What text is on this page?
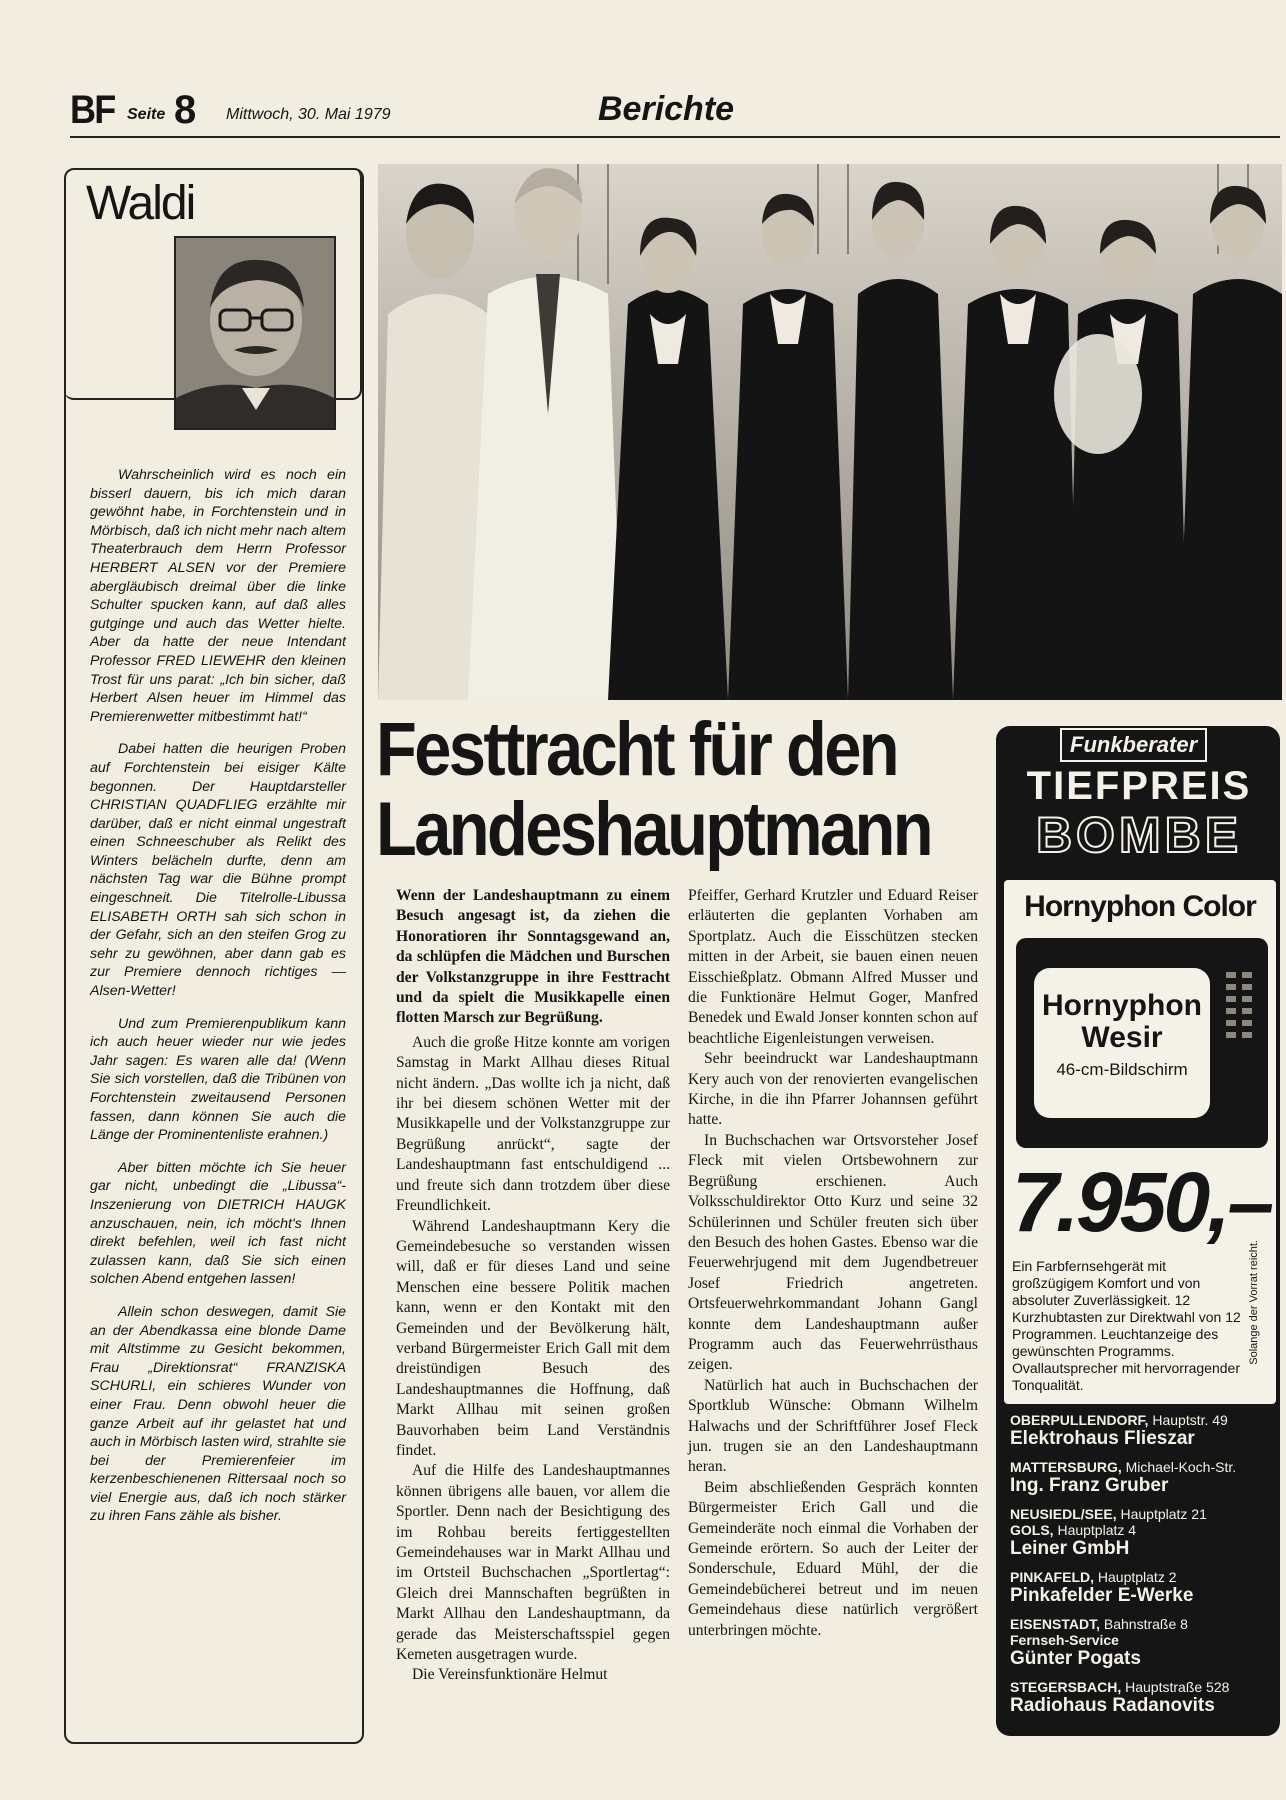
BF Seite 8 Mittwoch, 30. Mai 1979	Berichte
Waldi

Wahrscheinlich wird es noch ein bisserl dauern, bis ich mich daran gewöhnt habe, in Forchtenstein und in Mörbisch, daß ich nicht mehr nach altem Theaterbrauch dem Herrn Professor HERBERT ALSEN vor der Premiere abergläubisch dreimal über die linke Schulter spucken kann, auf daß alles gutginge und auch das Wetter hielte. Aber da hatte der neue Intendant Professor FRED LIEWEHR den kleinen Trost für uns parat: „Ich bin sicher, daß Herbert Alsen heuer im Himmel das Premierenwetter mitbestimmt hat!“

Dabei hatten die heurigen Proben auf Forchtenstein bei eisiger Kälte begonnen. Der Hauptdarsteller CHRISTIAN QUADFLIEG erzählte mir darüber, daß er nicht einmal ungestraft einen Schneeschuber als Relikt des Winters belächeln durfte, denn am nächsten Tag war die Bühne prompt eingeschneit. Die Titelrolle-Libussa ELISABETH ORTH sah sich schon in der Gefahr, sich an den steifen Grog zu sehr zu gewöhnen, aber dann gab es zur Premiere dennoch richtiges — Alsen-Wetter!

Und zum Premierenpublikum kann ich auch heuer wieder nur wie jedes Jahr sagen: Es waren alle da! (Wenn Sie sich vorstellen, daß die Tribünen von Forchtenstein zweitausend Personen fassen, dann können Sie auch die Länge der Prominentenliste erahnen.)

Aber bitten möchte ich Sie heuer gar nicht, unbedingt die „Libussa“-Inszenierung von DIETRICH HAUGK anzuschauen, nein, ich möcht's Ihnen direkt befehlen, weil ich fast nicht zulassen kann, daß Sie sich einen solchen Abend entgehen lassen!

Allein schon deswegen, damit Sie an der Abendkassa eine blonde Dame mit Altstimme zu Gesicht bekommen, Frau „Direktionsrat“ FRANZISKA SCHURLI, ein schieres Wunder von einer Frau. Denn obwohl heuer die ganze Arbeit auf ihr gelastet hat und auch in Mörbisch lasten wird, strahlte sie bei der Premierenfeier im kerzenbeschienenen Rittersaal noch so viel Energie aus, daß ich noch stärker zu ihren Fans zähle als bisher.

Festtracht für den
Landeshauptmann

Wenn der Landeshauptmann zu einem Besuch angesagt ist, da ziehen die Honoratioren ihr Sonntagsgewand an, da schlüpfen die Mädchen und Burschen der Volkstanzgruppe in ihre Festtracht und da spielt die Musikkapelle einen flotten Marsch zur Begrüßung.

Auch die große Hitze konnte am vorigen Samstag in Markt Allhau dieses Ritual nicht ändern. „Das wollte ich ja nicht, daß ihr bei diesem schönen Wetter mit der Musikkapelle und der Volkstanzgruppe zur Begrüßung anrückt“, sagte der Landeshauptmann fast entschuldigend ... und freute sich dann trotzdem über diese Freundlichkeit.

Während Landeshauptmann Kery die Gemeindebesuche so verstanden wissen will, daß er für dieses Land und seine Menschen eine bessere Politik machen kann, wenn er den Kontakt mit den Gemeinden und der Bevölkerung hält, verband Bürgermeister Erich Gall mit dem dreistündigen Besuch des Landeshauptmannes die Hoffnung, daß Markt Allhau mit seinen großen Bauvorhaben beim Land Verständnis findet.

Auf die Hilfe des Landeshauptmannes können übrigens alle bauen, vor allem die Sportler. Denn nach der Besichtigung des im Rohbau bereits fertiggestellten Gemeindehauses war in Markt Allhau und im Ortsteil Buchschachen „Sportlertag“: Gleich drei Mannschaften begrüßten in Markt Allhau den Landeshauptmann, da gerade das Meisterschaftsspiel gegen Kemeten ausgetragen wurde.

Die Vereinsfunktionäre Helmut

Pfeiffer, Gerhard Krutzler und Eduard Reiser erläuterten die geplanten Vorhaben am Sportplatz. Auch die Eisschützen stecken mitten in der Arbeit, sie bauen einen neuen Eisschießplatz. Obmann Alfred Musser und die Funktionäre Helmut Goger, Manfred Benedek und Ewald Jonser konnten schon auf beachtliche Eigenleistungen verweisen.

Sehr beeindruckt war Landeshauptmann Kery auch von der renovierten evangelischen Kirche, in die ihn Pfarrer Johannsen geführt hatte.

In Buchschachen war Ortsvorsteher Josef Fleck mit vielen Ortsbewohnern zur Begrüßung erschienen. Auch Volksschuldirektor Otto Kurz und seine 32 Schülerinnen und Schüler freuten sich über den Besuch des hohen Gastes. Ebenso war die Feuerwehrjugend mit dem Jugendbetreuer Josef Friedrich angetreten. Ortsfeuerwehrkommandant Johann Gangl konnte dem Landeshauptmann außer Programm auch das Feuerwehrrüsthaus zeigen.

Natürlich hat auch in Buchschachen der Sportklub Wünsche: Obmann Wilhelm Halwachs und der Schriftführer Josef Fleck jun. trugen sie an den Landeshauptmann heran.

Beim abschließenden Gespräch konnten Bürgermeister Erich Gall und die Gemeinderäte noch einmal die Vorhaben der Gemeinde erörtern. So auch der Leiter der Sonderschule, Eduard Mühl, der die Gemeindebücherei betreut und im neuen Gemeindehaus diese natürlich vergrößert unterbringen möchte.

Funkberater
TIEFPREIS
BOMBE
Hornyphon Color
Hornyphon Wesir
46-cm-Bildschirm
7.950,–
Ein Farbfernsehgerät mit großzügigem Komfort und von absoluter Zuverlässigkeit. 12 Kurzhubtasten zur Direktwahl von 12 Programmen. Leuchtanzeige des gewünschten Programms. Ovallautsprecher mit hervorragender Tonqualität.
Solange der Vorrat reicht.
OBERPULLENDORF, Hauptstr. 49
Elektrohaus Flieszar
MATTERSBURG, Michael-Koch-Str.
Ing. Franz Gruber
NEUSIEDL/SEE, Hauptplatz 21
GOLS, Hauptplatz 4
Leiner GmbH
PINKAFELD, Hauptplatz 2
Pinkafelder E-Werke
EISENSTADT, Bahnstraße 8
Fernseh-Service
Günter Pogats
STEGERSBACH, Hauptstraße 528
Radiohaus Radanovits
